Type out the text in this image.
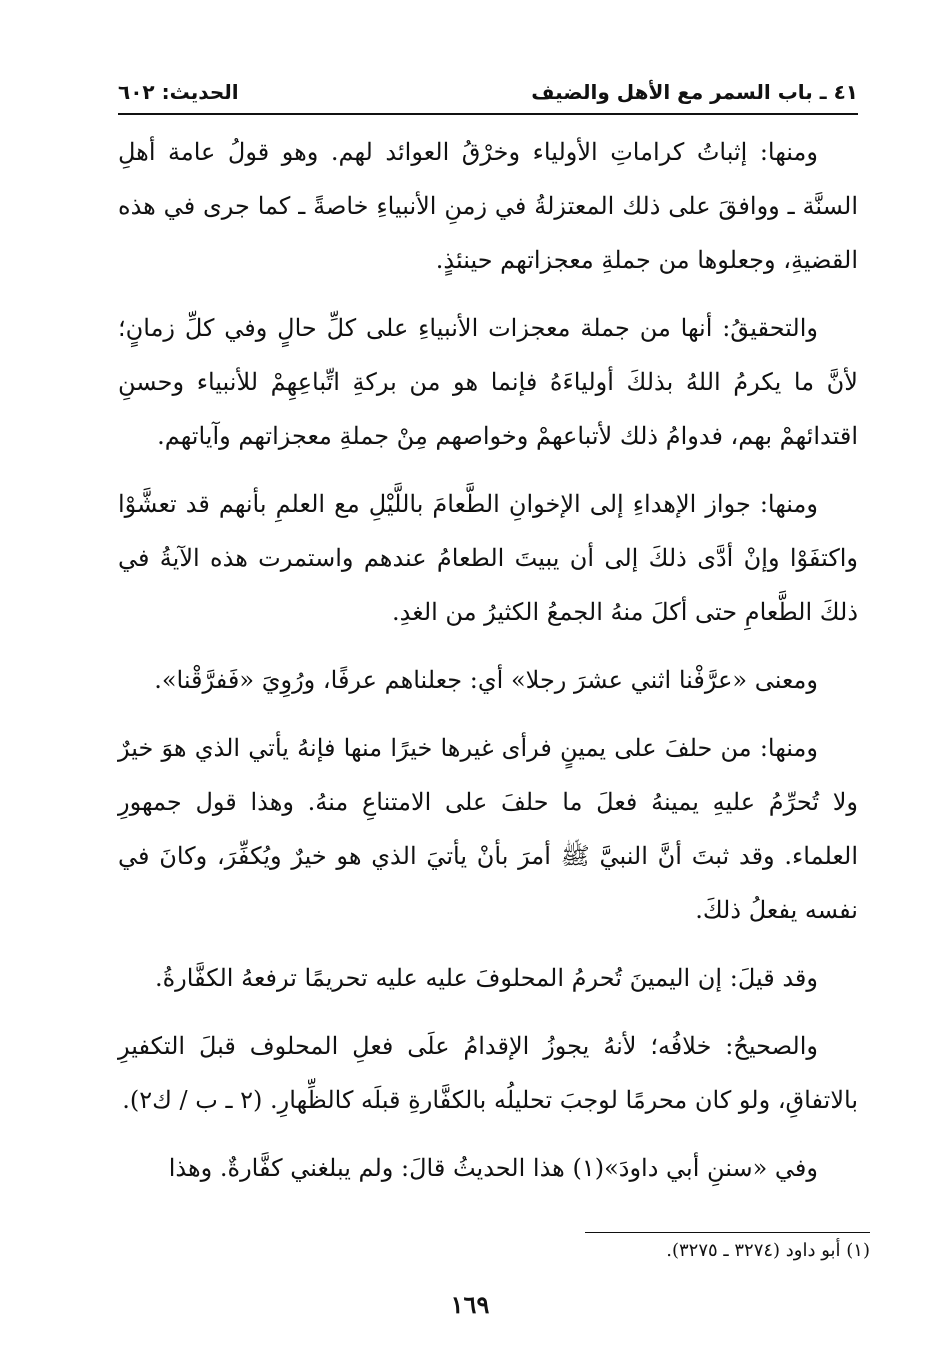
الحديث: ٦٠٢	٤١ ـ باب السمر مع الأهل والضيف

ومنها: إثباتُ كراماتِ الأولياء وخرْقُ العوائد لهم. وهو قولُ عامة أهلِ السنَّة ـ ووافقَ على ذلك المعتزلةُ في زمنِ الأنبياءِ خاصةً ـ كما جرى في هذه القضيةِ، وجعلوها من جملةِ معجزاتهم حينئذٍ.

والتحقيقُ: أنها من جملة معجزات الأنبياءِ على كلِّ حالٍ وفي كلِّ زمانٍ؛ لأنَّ ما يكرمُ اللهُ بذلكَ أولياءَهُ فإنما هو من بركةِ اتِّباعِهِمْ للأنبياء وحسنِ اقتدائهمْ بهم، فدوامُ ذلك لأتباعهمْ وخواصهم مِنْ جملةِ معجزاتهم وآياتهم.

ومنها: جواز الإهداءِ إلى الإخوانِ الطَّعامَ باللَّيْلِ مع العلمِ بأنهم قد تعشَّوْا واكتفَوْا وإنْ أدَّى ذلكَ إلى أن يبيتَ الطعامُ عندهم واستمرت هذه الآيةُ في ذلكَ الطَّعامِ حتى أكلَ منهُ الجمعُ الكثيرُ من الغدِ.

ومعنى «عرَّفْنا اثني عشرَ رجلا» أي: جعلناهم عرفًا، ورُوِيَ «فَفرَّقْنا».

ومنها: من حلفَ على يمينٍ فرأى غيرها خيرًا منها فإنهُ يأتي الذي هوَ خيرٌ ولا تُحرِّمُ عليهِ يمينهُ فعلَ ما حلفَ على الامتناعِ منهُ. وهذا قول جمهورِ العلماء. وقد ثبتَ أنَّ النبيَّ ﷺ أمرَ بأنْ يأتيَ الذي هو خيرٌ ويُكفِّرَ، وكانَ في نفسه يفعلُ ذلكَ.

وقد قيلَ: إن اليمينَ تُحرمُ المحلوفَ عليه عليه تحريمًا ترفعهُ الكفَّارةُ.

والصحيحُ: خلافُه؛ لأنهُ يجوزُ الإقدامُ علَى فعلِ المحلوف قبلَ التكفيرِ بالاتفاقِ، ولو كان محرمًا لوجبَ تحليلُه بالكفَّارةِ قبلَه كالظِّهارِ. (٢ ـ ب / ك٢).

وفي «سننِ أبي داودَ»(١) هذا الحديثُ قالَ: ولم يبلغني كفَّارةٌ. وهذا

(١) أبو داود (٣٢٧٤ ـ ٣٢٧٥).
١٦٩
